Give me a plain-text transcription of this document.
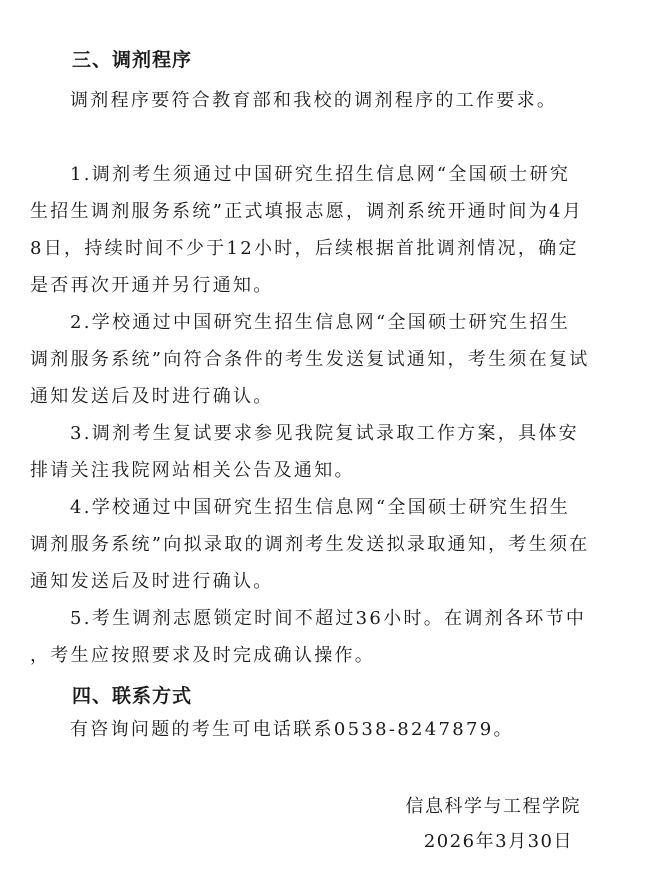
三、调剂程序

调剂程序要符合教育部和我校的调剂程序的工作要求。

1.调剂考生须通过中国研究生招生信息网“全国硕士研究生招生调剂服务系统”正式填报志愿，调剂系统开通时间为4月8日，持续时间不少于12小时，后续根据首批调剂情况，确定是否再次开通并另行通知。

2.学校通过中国研究生招生信息网“全国硕士研究生招生调剂服务系统”向符合条件的考生发送复试通知，考生须在复试通知发送后及时进行确认。

3.调剂考生复试要求参见我院复试录取工作方案，具体安排请关注我院网站相关公告及通知。

4.学校通过中国研究生招生信息网“全国硕士研究生招生调剂服务系统”向拟录取的调剂考生发送拟录取通知，考生须在通知发送后及时进行确认。

5.考生调剂志愿锁定时间不超过36小时。在调剂各环节中，考生应按照要求及时完成确认操作。

四、联系方式

有咨询问题的考生可电话联系0538-8247879。

信息科学与工程学院
2026年3月30日
